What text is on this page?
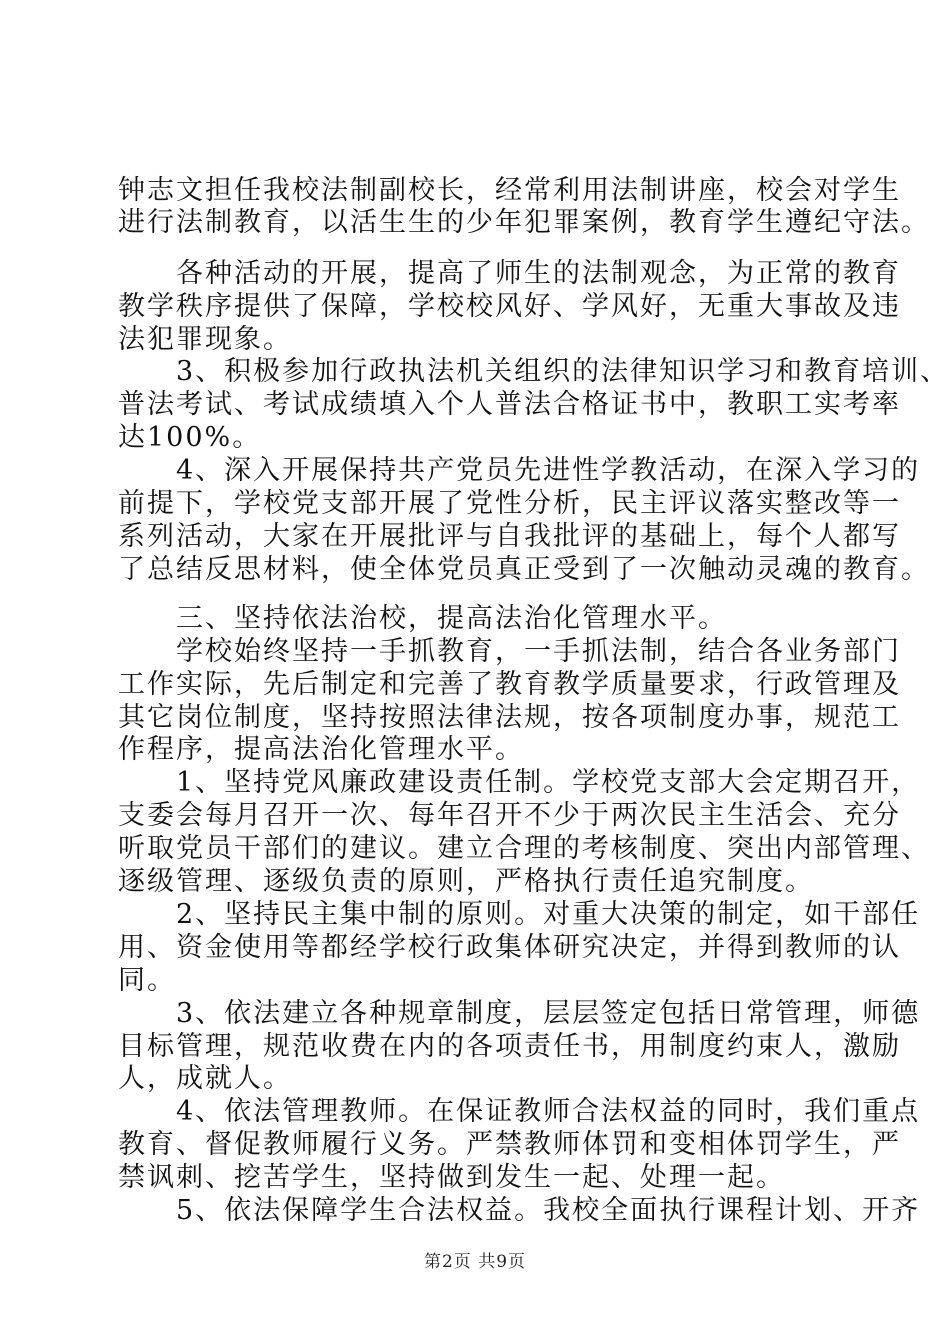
钟志文担任我校法制副校长，经常利用法制讲座，校会对学生
进行法制教育，以活生生的少年犯罪案例，教育学生遵纪守法。
　　各种活动的开展，提高了师生的法制观念，为正常的教育
教学秩序提供了保障，学校校风好、学风好，无重大事故及违
法犯罪现象。
　　3、积极参加行政执法机关组织的法律知识学习和教育培训、
普法考试、考试成绩填入个人普法合格证书中，教职工实考率
达100%。
　　4、深入开展保持共产党员先进性学教活动，在深入学习的
前提下，学校党支部开展了党性分析，民主评议落实整改等一
系列活动，大家在开展批评与自我批评的基础上，每个人都写
了总结反思材料，使全体党员真正受到了一次触动灵魂的教育。
　　三、坚持依法治校，提高法治化管理水平。
　　学校始终坚持一手抓教育，一手抓法制，结合各业务部门
工作实际，先后制定和完善了教育教学质量要求，行政管理及
其它岗位制度，坚持按照法律法规，按各项制度办事，规范工
作程序，提高法治化管理水平。
　　1、坚持党风廉政建设责任制。学校党支部大会定期召开，
支委会每月召开一次、每年召开不少于两次民主生活会、充分
听取党员干部们的建议。建立合理的考核制度、突出内部管理、
逐级管理、逐级负责的原则，严格执行责任追究制度。
　　2、坚持民主集中制的原则。对重大决策的制定，如干部任
用、资金使用等都经学校行政集体研究决定，并得到教师的认
同。
　　3、依法建立各种规章制度，层层签定包括日常管理，师德
目标管理，规范收费在内的各项责任书，用制度约束人，激励
人，成就人。
　　4、依法管理教师。在保证教师合法权益的同时，我们重点
教育、督促教师履行义务。严禁教师体罚和变相体罚学生，严
禁讽刺、挖苦学生，坚持做到发生一起、处理一起。
　　5、依法保障学生合法权益。我校全面执行课程计划、开齐
第2页 共9页
